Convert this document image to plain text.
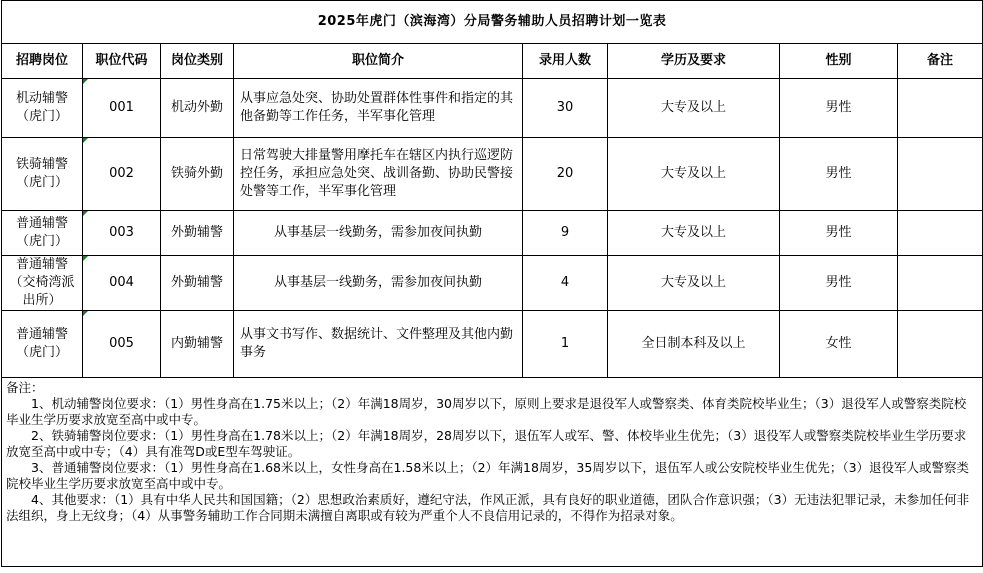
2025年虎门（滨海湾）分局警务辅助人员招聘计划一览表							
招聘岗位	职位代码	岗位类别	职位简介	录用人数	学历及要求	性别	备注
机动辅警（虎门）	001	机动外勤	从事应急处突、协助处置群体性事件和指定的其他备勤等工作任务，半军事化管理	30	大专及以上	男性	
铁骑辅警（虎门）	002	铁骑外勤	日常驾驶大排量警用摩托车在辖区内执行巡逻防控任务，承担应急处突、战训备勤、协助民警接处警等工作，半军事化管理	20	大专及以上	男性	
普通辅警（虎门）	003	外勤辅警	从事基层一线勤务，需参加夜间执勤	9	大专及以上	男性	
普通辅警（交椅湾派出所）	004	外勤辅警	从事基层一线勤务，需参加夜间执勤	4	大专及以上	男性	
普通辅警（虎门）	005	内勤辅警	从事文书写作、数据统计、文件整理及其他内勤事务	1	全日制本科及以上	女性	

备注：
1、机动辅警岗位要求：（1）男性身高在1.75米以上；（2）年满18周岁，30周岁以下，原则上要求是退役军人或警察类、体育类院校毕业生；（3）退役军人或警察类院校毕业生学历要求放宽至高中或中专。
2、铁骑辅警岗位要求：（1）男性身高在1.78米以上；（2）年满18周岁，28周岁以下，退伍军人或军、警、体校毕业生优先；（3）退役军人或警察类院校毕业生学历要求放宽至高中或中专；（4）具有准驾D或E型车驾驶证。
3、普通辅警岗位要求：（1）男性身高在1.68米以上，女性身高在1.58米以上；（2）年满18周岁，35周岁以下，退伍军人或公安院校毕业生优先；（3）退役军人或警察类院校毕业生学历要求放宽至高中或中专。
4、其他要求：（1）具有中华人民共和国国籍；（2）思想政治素质好，遵纪守法，作风正派，具有良好的职业道德，团队合作意识强；（3）无违法犯罪记录，未参加任何非法组织，身上无纹身；（4）从事警务辅助工作合同期未满擅自离职或有较为严重个人不良信用记录的，不得作为招录对象。							
